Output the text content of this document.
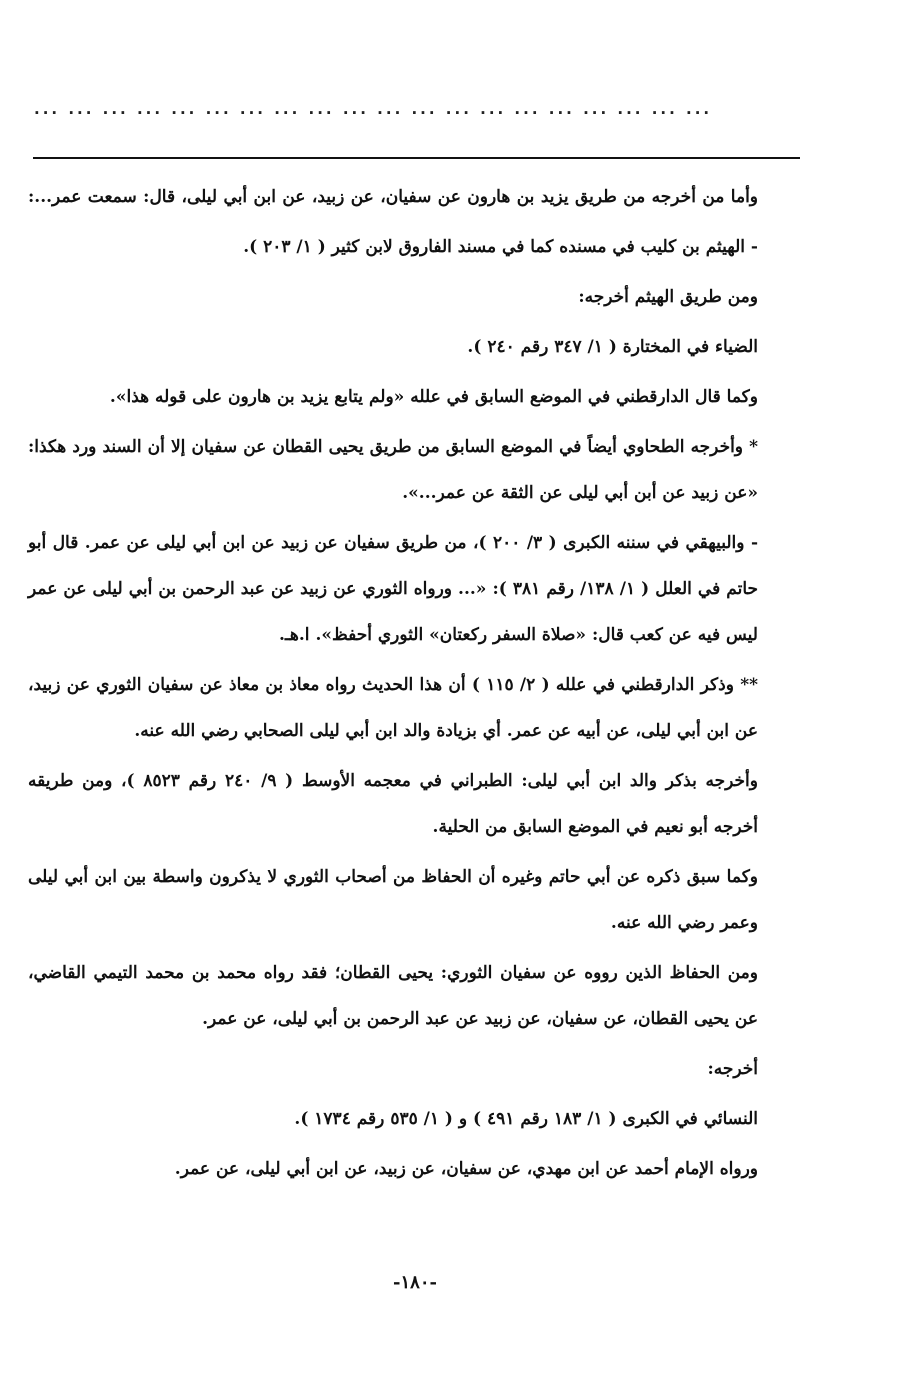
... ... ... ... ... ... ... ... ... ... ... ... ... ... ... ... ... ... ... ...

وأما من أخرجه من طريق يزيد بن هارون عن سفيان، عن زبيد، عن ابن أبي ليلى، قال: سمعت عمر...:

- الهيثم بن كليب في مسنده كما في مسند الفاروق لابن كثير ( ١/ ٢٠٣ ).

ومن طريق الهيثم أخرجه:

الضياء في المختارة ( ١/ ٣٤٧ رقم ٢٤٠ ).

وكما قال الدارقطني في الموضع السابق في علله «ولم يتابع يزيد بن هارون على قوله هذا».

* وأخرجه الطحاوي أيضاً في الموضع السابق من طريق يحيى القطان عن سفيان إلا أن السند ورد هكذا: «عن زبيد عن أبن أبي ليلى عن الثقة عن عمر...».

- والبيهقي في سننه الكبرى ( ٣/ ٢٠٠ )، من طريق سفيان عن زبيد عن ابن أبي ليلى عن عمر. قال أبو حاتم في العلل ( ١/ ١٣٨/ رقم ٣٨١ ): «... ورواه الثوري عن زبيد عن عبد الرحمن بن أبي ليلى عن عمر ليس فيه عن كعب قال: «صلاة السفر ركعتان» الثوري أحفظ». ا.هـ.

** وذكر الدارقطني في علله ( ٢/ ١١٥ ) أن هذا الحديث رواه معاذ بن معاذ عن سفيان الثوري عن زبيد، عن ابن أبي ليلى، عن أبيه عن عمر. أي بزيادة والد ابن أبي ليلى الصحابي رضي الله عنه.

وأخرجه بذكر والد ابن أبي ليلى: الطبراني في معجمه الأوسط ( ٩/ ٢٤٠ رقم ٨٥٢٣ )، ومن طريقه أخرجه أبو نعيم في الموضع السابق من الحلية.

وكما سبق ذكره عن أبي حاتم وغيره أن الحفاظ من أصحاب الثوري لا يذكرون واسطة بين ابن أبي ليلى وعمر رضي الله عنه.

ومن الحفاظ الذين رووه عن سفيان الثوري: يحيى القطان؛ فقد رواه محمد بن محمد التيمي القاضي، عن يحيى القطان، عن سفيان، عن زبيد عن عبد الرحمن بن أبي ليلى، عن عمر.

أخرجه:

النسائي في الكبرى ( ١/ ١٨٣ رقم ٤٩١ ) و ( ١/ ٥٣٥ رقم ١٧٣٤ ).

ورواه الإمام أحمد عن ابن مهدي، عن سفيان، عن زبيد، عن ابن أبي ليلى، عن عمر.

-١٨٠-
